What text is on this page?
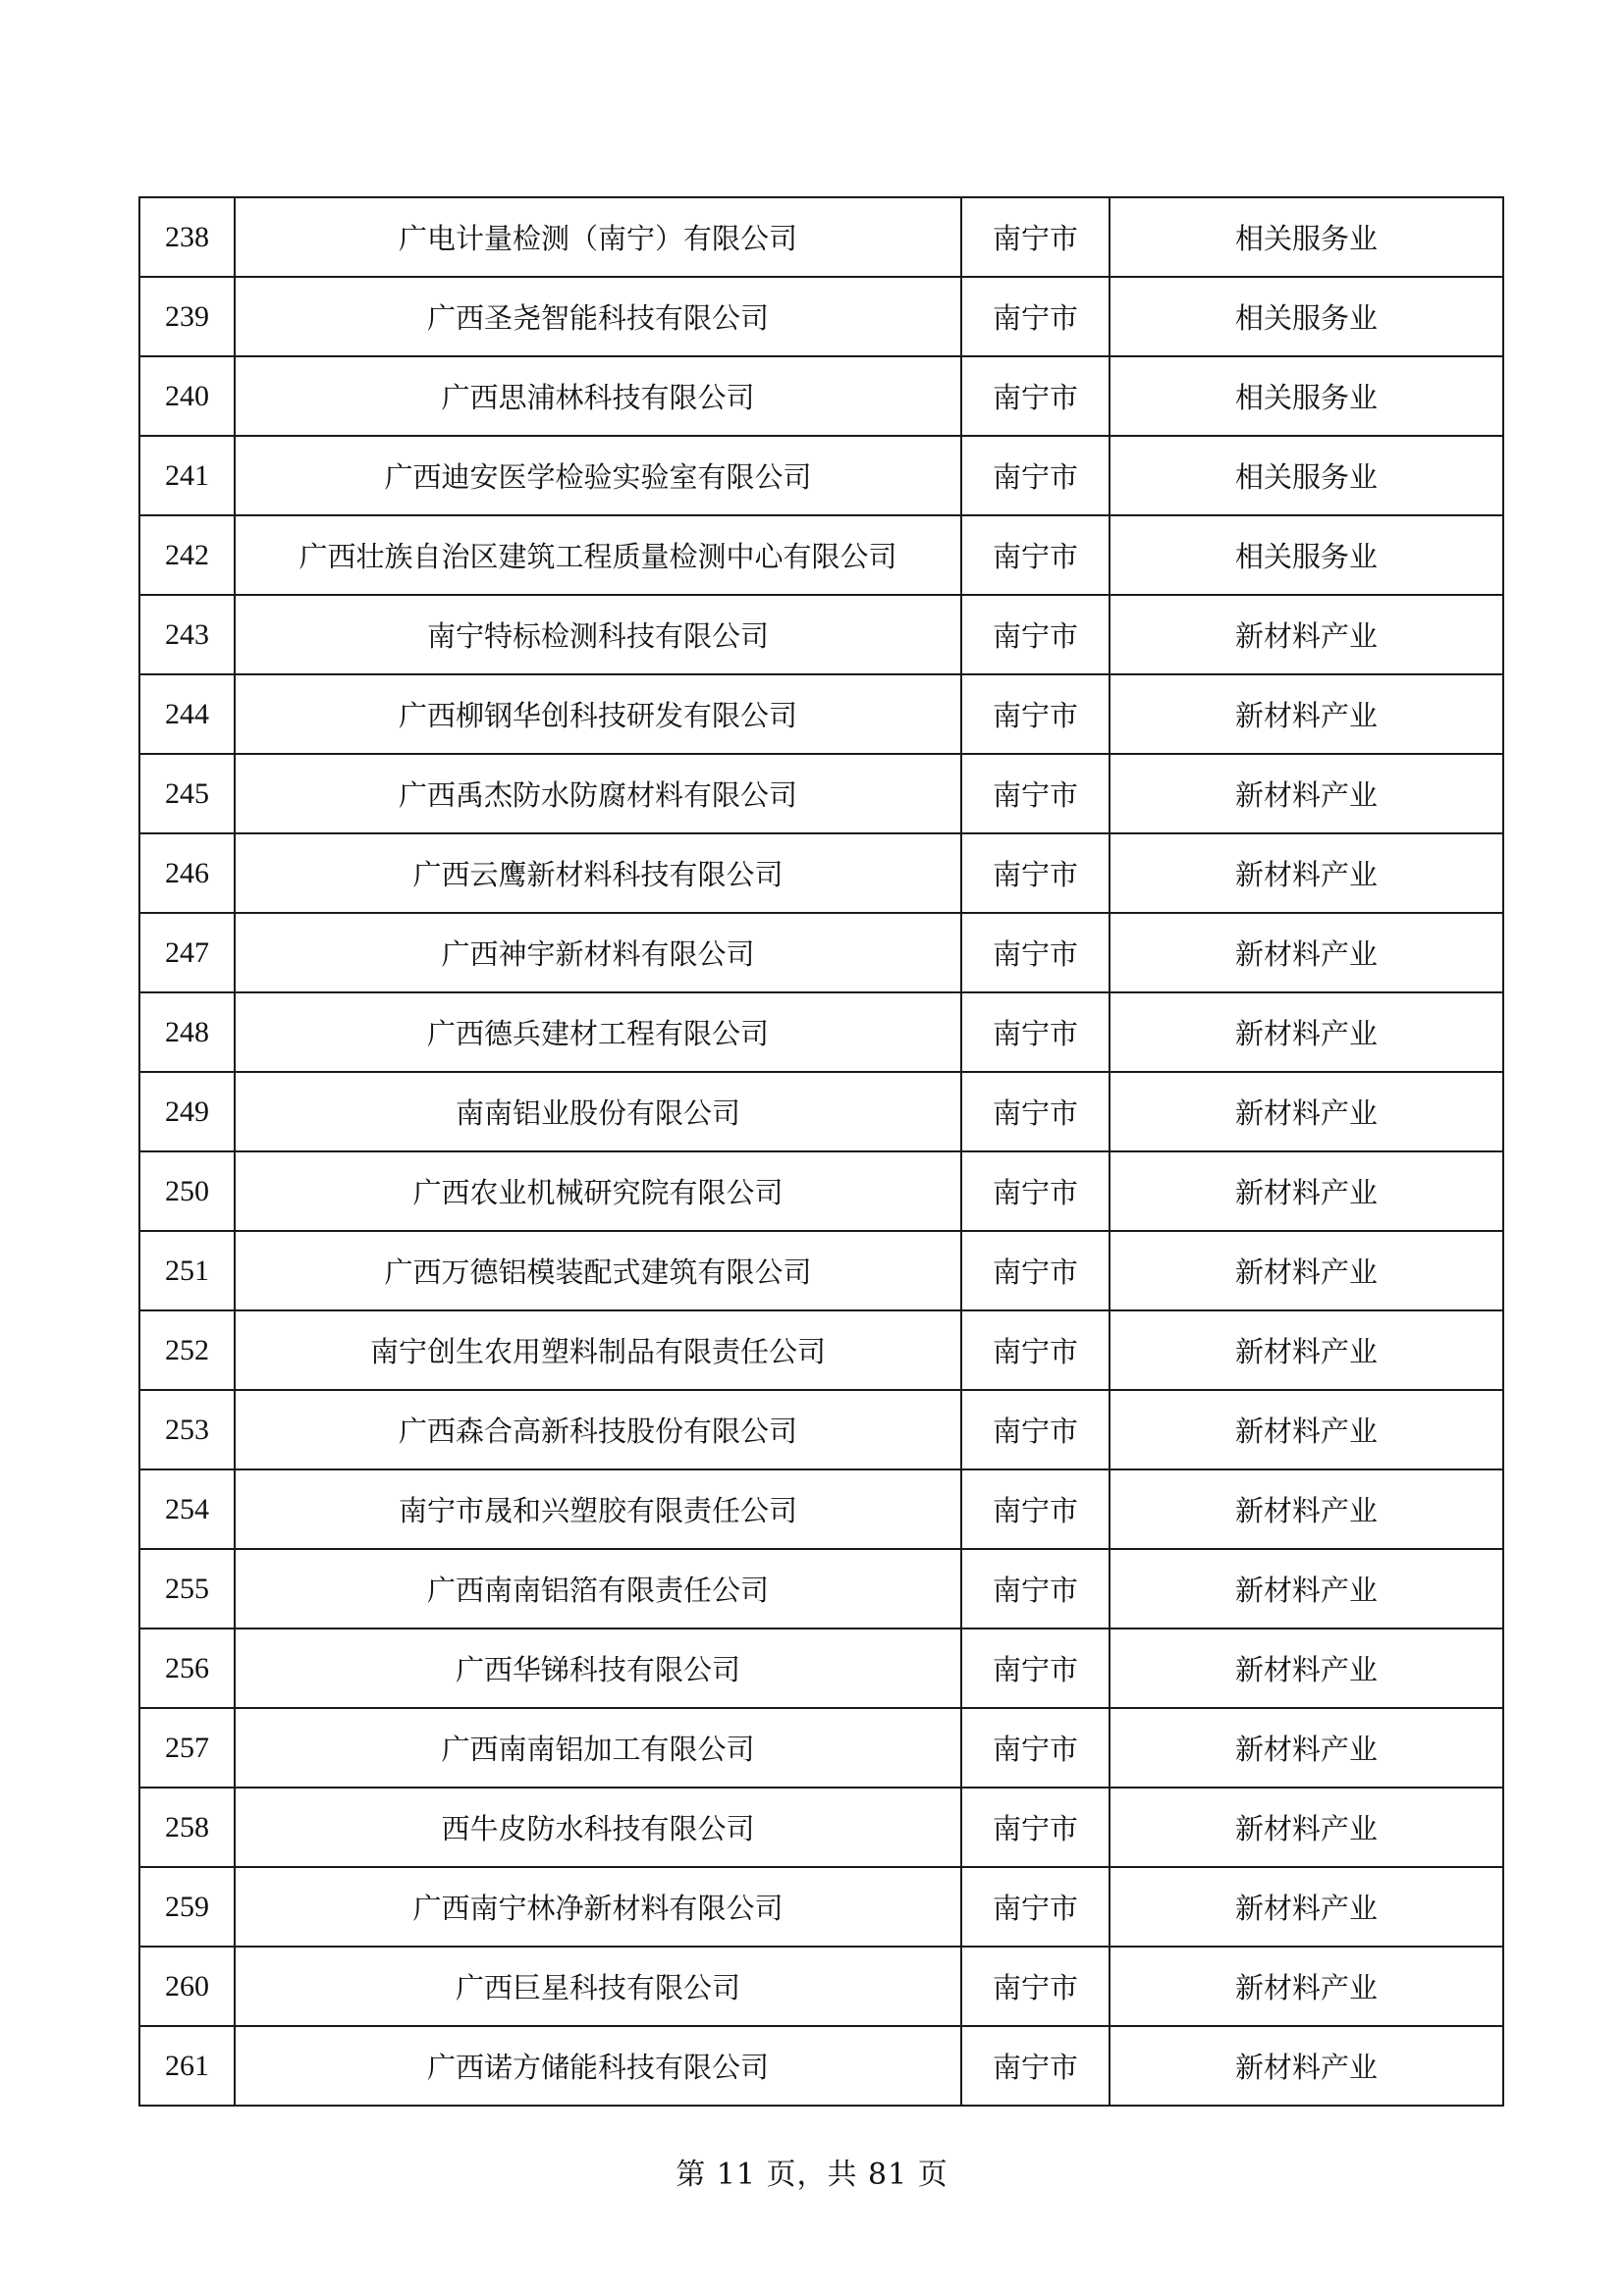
238	广电计量检测（南宁）有限公司	南宁市	相关服务业
239	广西圣尧智能科技有限公司	南宁市	相关服务业
240	广西思浦林科技有限公司	南宁市	相关服务业
241	广西迪安医学检验实验室有限公司	南宁市	相关服务业
242	广西壮族自治区建筑工程质量检测中心有限公司	南宁市	相关服务业
243	南宁特标检测科技有限公司	南宁市	新材料产业
244	广西柳钢华创科技研发有限公司	南宁市	新材料产业
245	广西禹杰防水防腐材料有限公司	南宁市	新材料产业
246	广西云鹰新材料科技有限公司	南宁市	新材料产业
247	广西神宇新材料有限公司	南宁市	新材料产业
248	广西德兵建材工程有限公司	南宁市	新材料产业
249	南南铝业股份有限公司	南宁市	新材料产业
250	广西农业机械研究院有限公司	南宁市	新材料产业
251	广西万德铝模装配式建筑有限公司	南宁市	新材料产业
252	南宁创生农用塑料制品有限责任公司	南宁市	新材料产业
253	广西森合高新科技股份有限公司	南宁市	新材料产业
254	南宁市晟和兴塑胶有限责任公司	南宁市	新材料产业
255	广西南南铝箔有限责任公司	南宁市	新材料产业
256	广西华锑科技有限公司	南宁市	新材料产业
257	广西南南铝加工有限公司	南宁市	新材料产业
258	西牛皮防水科技有限公司	南宁市	新材料产业
259	广西南宁林净新材料有限公司	南宁市	新材料产业
260	广西巨星科技有限公司	南宁市	新材料产业
261	广西诺方储能科技有限公司	南宁市	新材料产业
第 11 页，共 81 页
